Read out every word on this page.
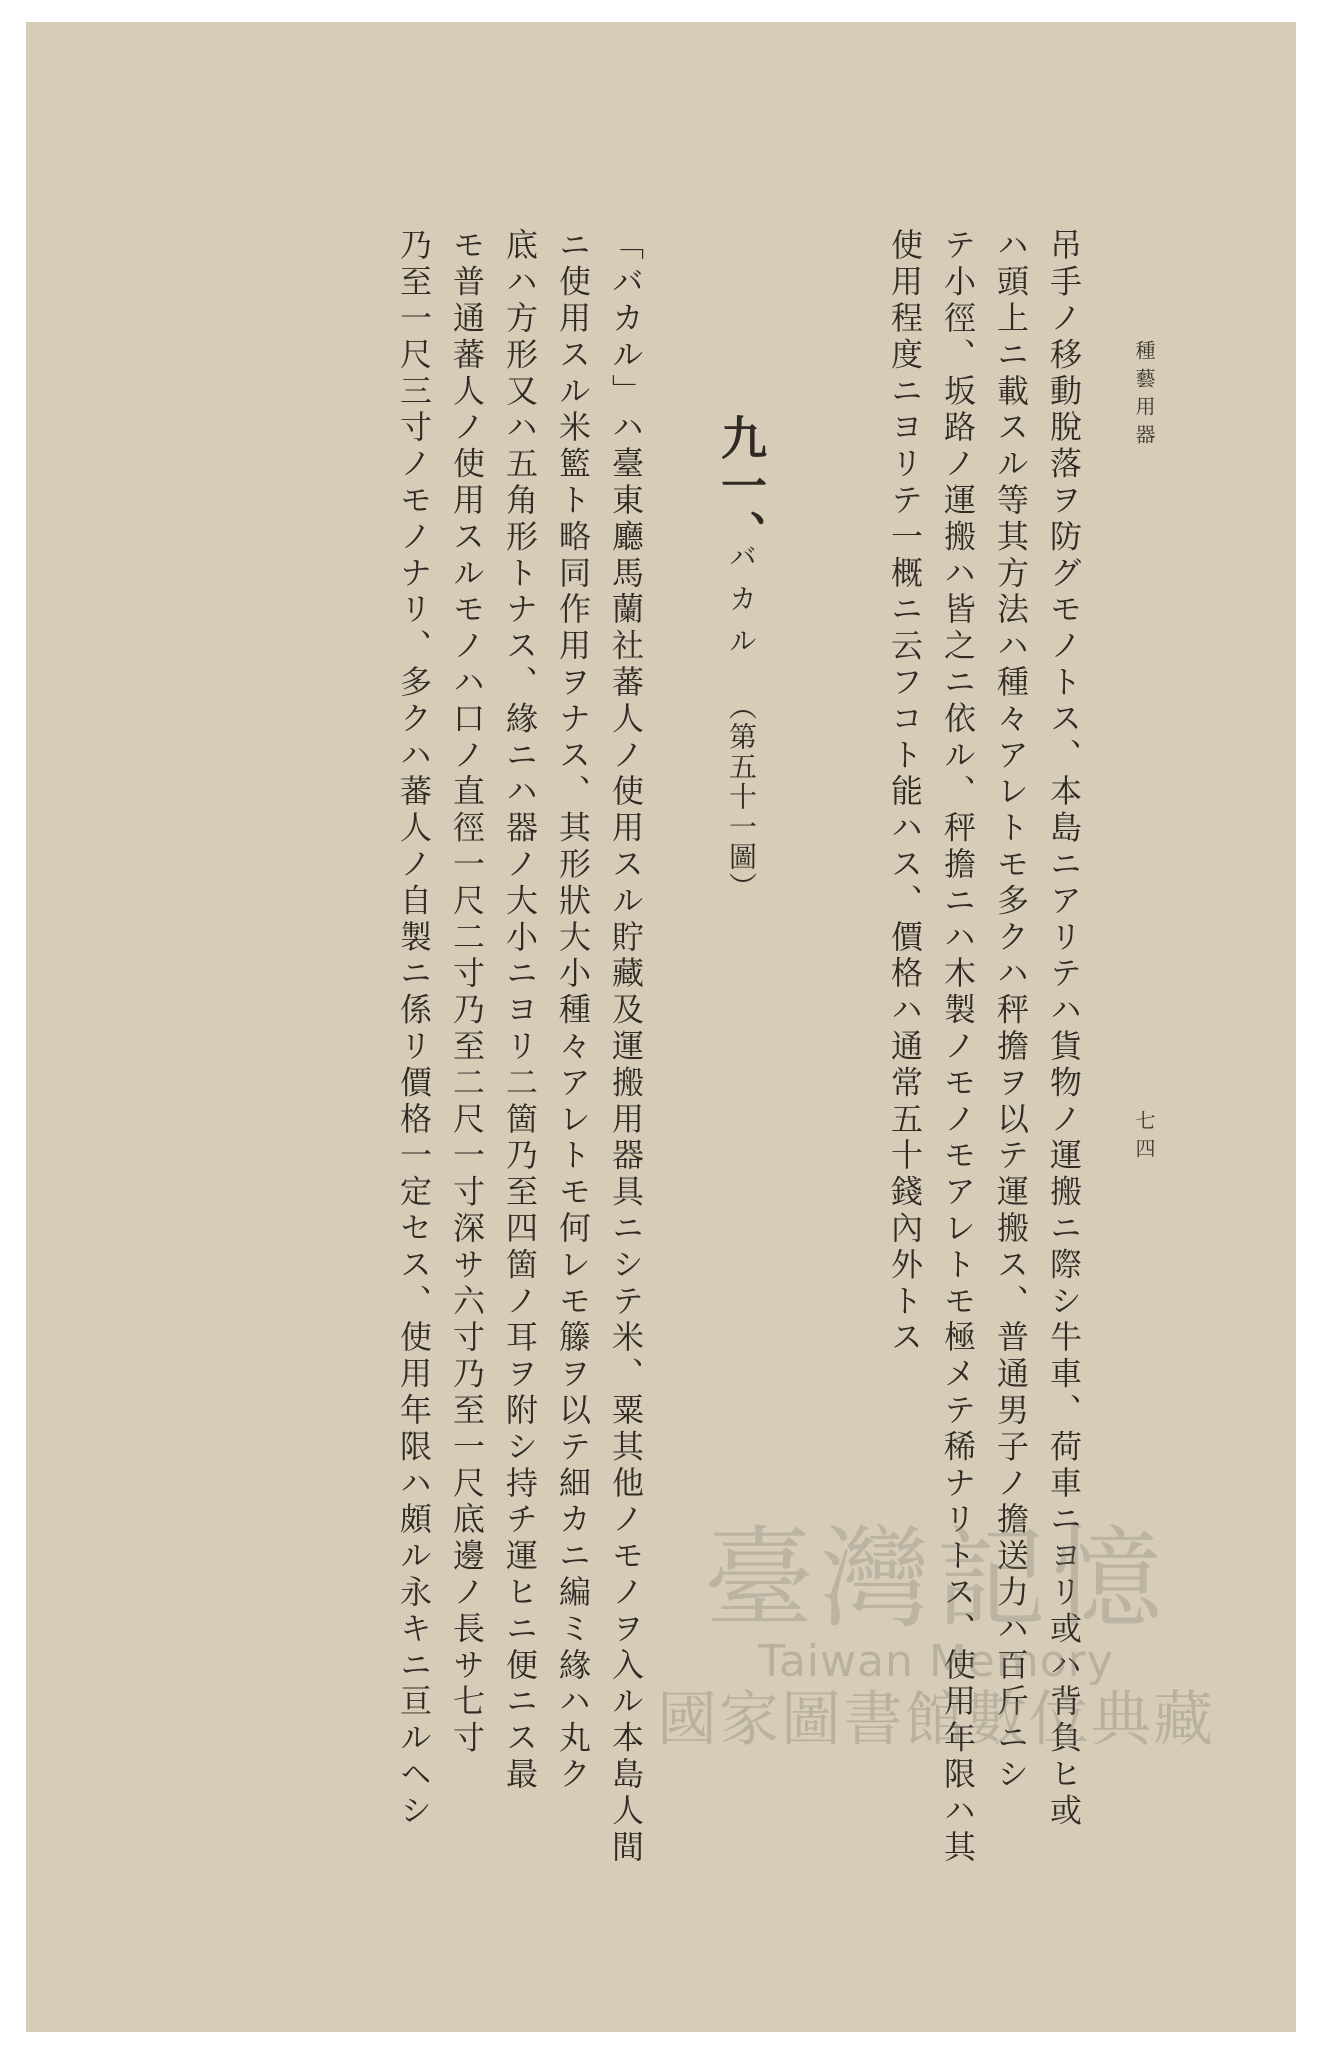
種藝用器
七四
吊手ノ移動脫落ヲ防グモノトス、本島ニアリテハ貨物ノ運搬ニ際シ牛車、荷車ニヨリ或ハ背負ヒ或
ハ頭上ニ載スル等其方法ハ種々アレトモ多クハ秤擔ヲ以テ運搬ス、普通男子ノ擔送力ハ百斤ニシ
テ小徑、坂路ノ運搬ハ皆之ニ依ル、秤擔ニハ木製ノモノモアレトモ極メテ稀ナリトス、使用年限ハ其
使用程度ニヨリテ一概ニ云フコト能ハス、價格ハ通常五十錢內外トス
九一、
バカル
（第五十一圖）
「バカル」ハ臺東廳馬蘭社蕃人ノ使用スル貯藏及運搬用器具ニシテ米、粟其他ノモノヲ入ル本島人間
ニ使用スル米籃ト略同作用ヲナス、其形狀大小種々アレトモ何レモ籐ヲ以テ細カニ編ミ緣ハ丸ク
底ハ方形又ハ五角形トナス、緣ニハ器ノ大小ニヨリ二箇乃至四箇ノ耳ヲ附シ持チ運ヒニ便ニス最
モ普通蕃人ノ使用スルモノハ口ノ直徑一尺二寸乃至二尺一寸深サ六寸乃至一尺底邊ノ長サ七寸
乃至一尺三寸ノモノナリ、多クハ蕃人ノ自製ニ係リ價格一定セス、使用年限ハ頗ル永キニ亘ルヘシ	臺灣記憶
Taiwan Memory
國家圖書館數位典藏
